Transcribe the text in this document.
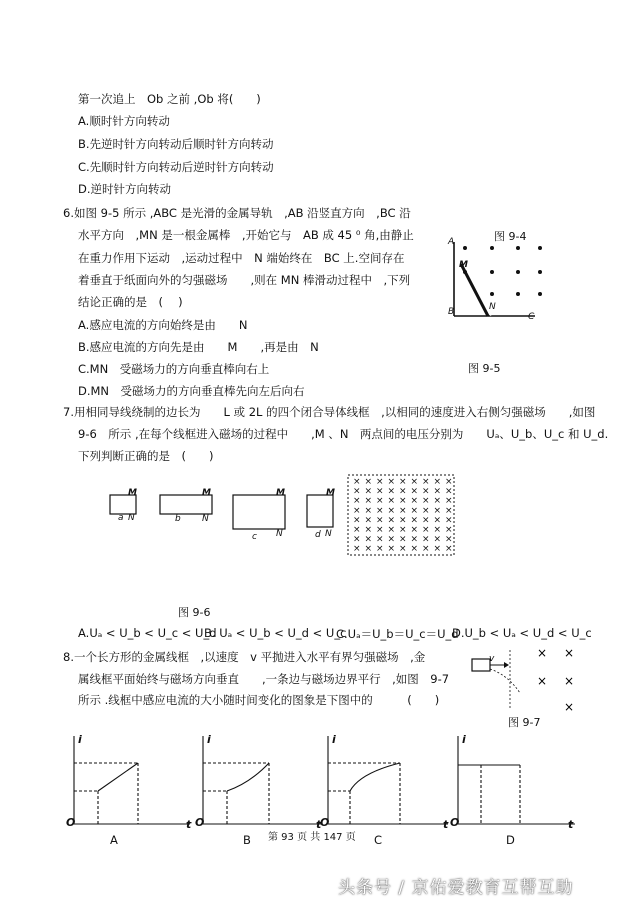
第一次追上　Ob 之前 ,Ob 将(　　)
A.顺时针方向转动
B.先逆时针方向转动后顺时针方向转动
C.先顺时针方向转动后逆时针方向转动
D.逆时针方向转动
6.如图 9-5 所示 ,ABC 是光滑的金属导轨　,AB 沿竖直方向　,BC 沿
水平方向　,MN 是一根金属棒　,开始它与　AB 成 45 ⁰ 角,由静止
在重力作用下运动　,运动过程中　N 端始终在　BC 上.空间存在
着垂直于纸面向外的匀强磁场　　,则在 MN 棒滑动过程中　,下列
结论正确的是　(　 )
A.感应电流的方向始终是由　　N
B.感应电流的方向先是由　　M　　,再是由　N
C.MN　受磁场力的方向垂直棒向右上
D.MN　受磁场力的方向垂直棒先向左后向右
图 9-4
图 9-5
A
M
B	N
C
7.用相同导线绕制的边长为　　L 或 2L 的四个闭合导体线框　,以相同的速度进入右侧匀强磁场　　,如图
9-6　所示 ,在每个线框进入磁场的过程中　　,M 、N　两点间的电压分别为　　Uₐ、U_b、U_c 和 U_d.
下列判断正确的是　(　　)
× × × × × × × × ×
× × × × × × × × ×
× × × × × × × × ×
× × × × × × × × ×
× × × × × × × × ×
× × × × × × × × ×
× × × × × × × × ×
× × × × × × × × ×
M
a N
M
b N
M
c N
M
d N
图 9-6
A.Uₐ < U_b < U_c < U_d
B. Uₐ < U_b < U_d < U_c
C.Uₐ＝U_b＝U_c＝U_d
D.U_b < Uₐ < U_d < U_c
8.一个长方形的金属线框　,以速度　v 平抛进入水平有界匀强磁场　,金
属线框平面始终与磁场方向垂直　　,一条边与磁场边界平行　,如图　9-7
所示 .线框中感应电流的大小随时间变化的图象是下图中的　　　(　　)
× ×
× ×
×
v
图 9-7
i
O	t
i
O	t
i
O	t
i
O	t
A	B	C	D
第 93 页 共 147 页
头条号 / 京佑爱教育互帮互助
